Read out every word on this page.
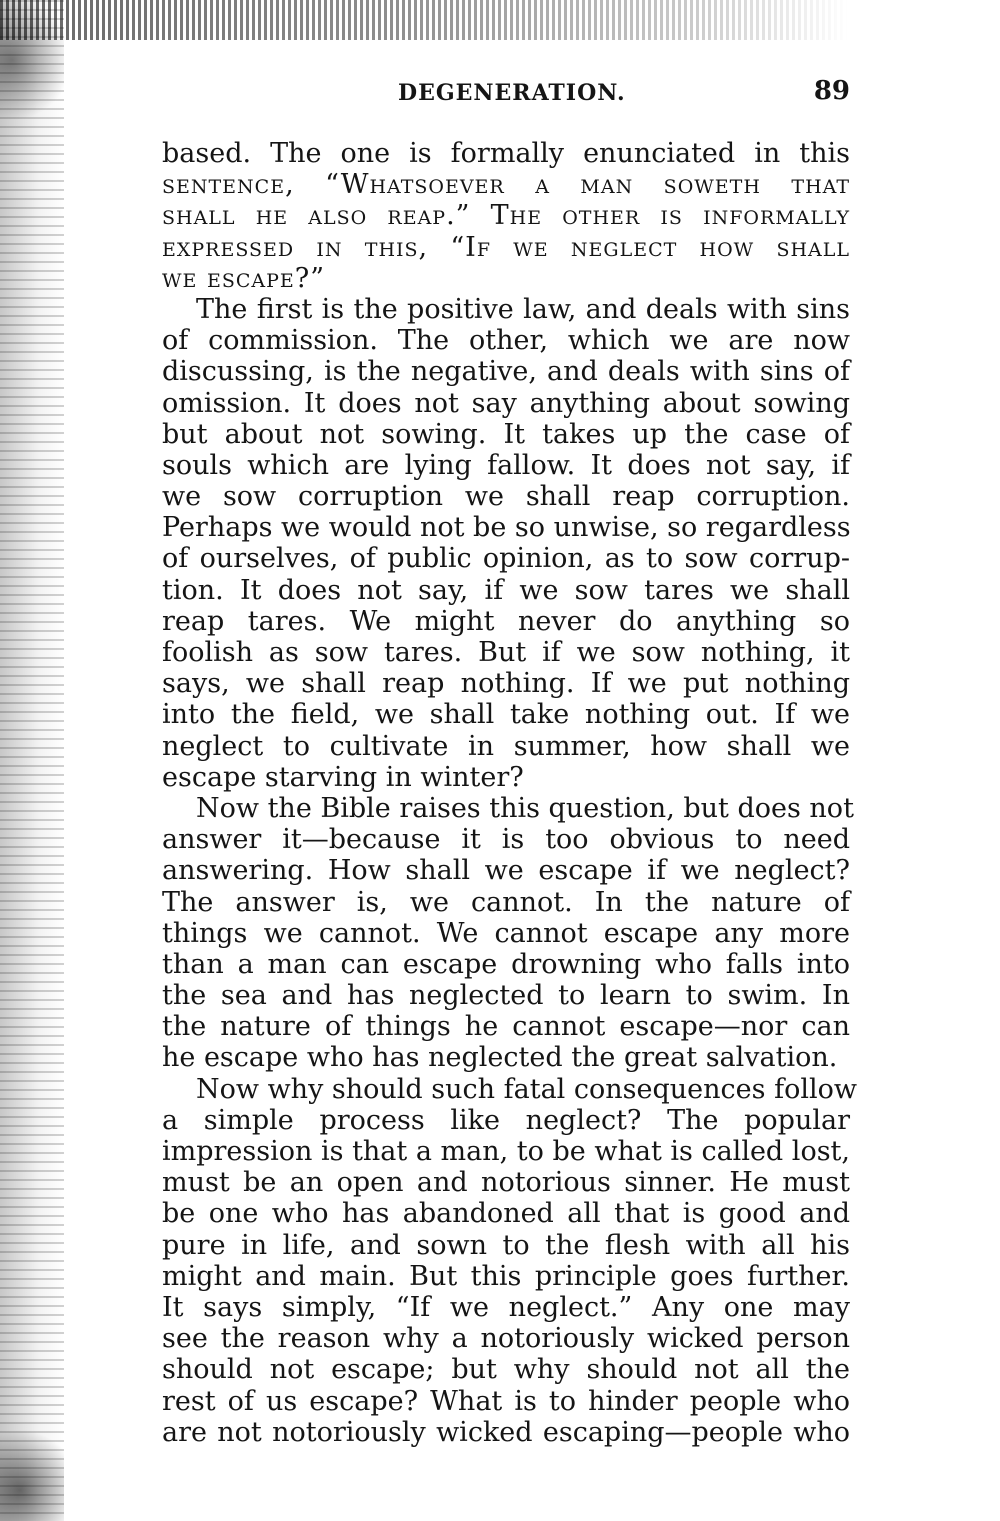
DEGENERATION.	89
based. The one is formally enunciated in this
sentence, “Whatsoever a man soweth that
shall he also reap.” The other is informally
expressed in this, “If we neglect how shall
we escape?”
The first is the positive law, and deals with sins
of commission. The other, which we are now
discussing, is the negative, and deals with sins of
omission. It does not say anything about sowing
but about not sowing. It takes up the case of
souls which are lying fallow. It does not say, if
we sow corruption we shall reap corruption.
Perhaps we would not be so unwise, so regardless
of ourselves, of public opinion, as to sow corrup-
tion. It does not say, if we sow tares we shall
reap tares. We might never do anything so
foolish as sow tares. But if we sow nothing, it
says, we shall reap nothing. If we put nothing
into the field, we shall take nothing out. If we
neglect to cultivate in summer, how shall we
escape starving in winter?
Now the Bible raises this question, but does not
answer it—because it is too obvious to need
answering. How shall we escape if we neglect?
The answer is, we cannot. In the nature of
things we cannot. We cannot escape any more
than a man can escape drowning who falls into
the sea and has neglected to learn to swim. In
the nature of things he cannot escape—nor can
he escape who has neglected the great salvation.
Now why should such fatal consequences follow
a simple process like neglect? The popular
impression is that a man, to be what is called lost,
must be an open and notorious sinner. He must
be one who has abandoned all that is good and
pure in life, and sown to the flesh with all his
might and main. But this principle goes further.
It says simply, “If we neglect.” Any one may
see the reason why a notoriously wicked person
should not escape; but why should not all the
rest of us escape? What is to hinder people who
are not notoriously wicked escaping—people who
